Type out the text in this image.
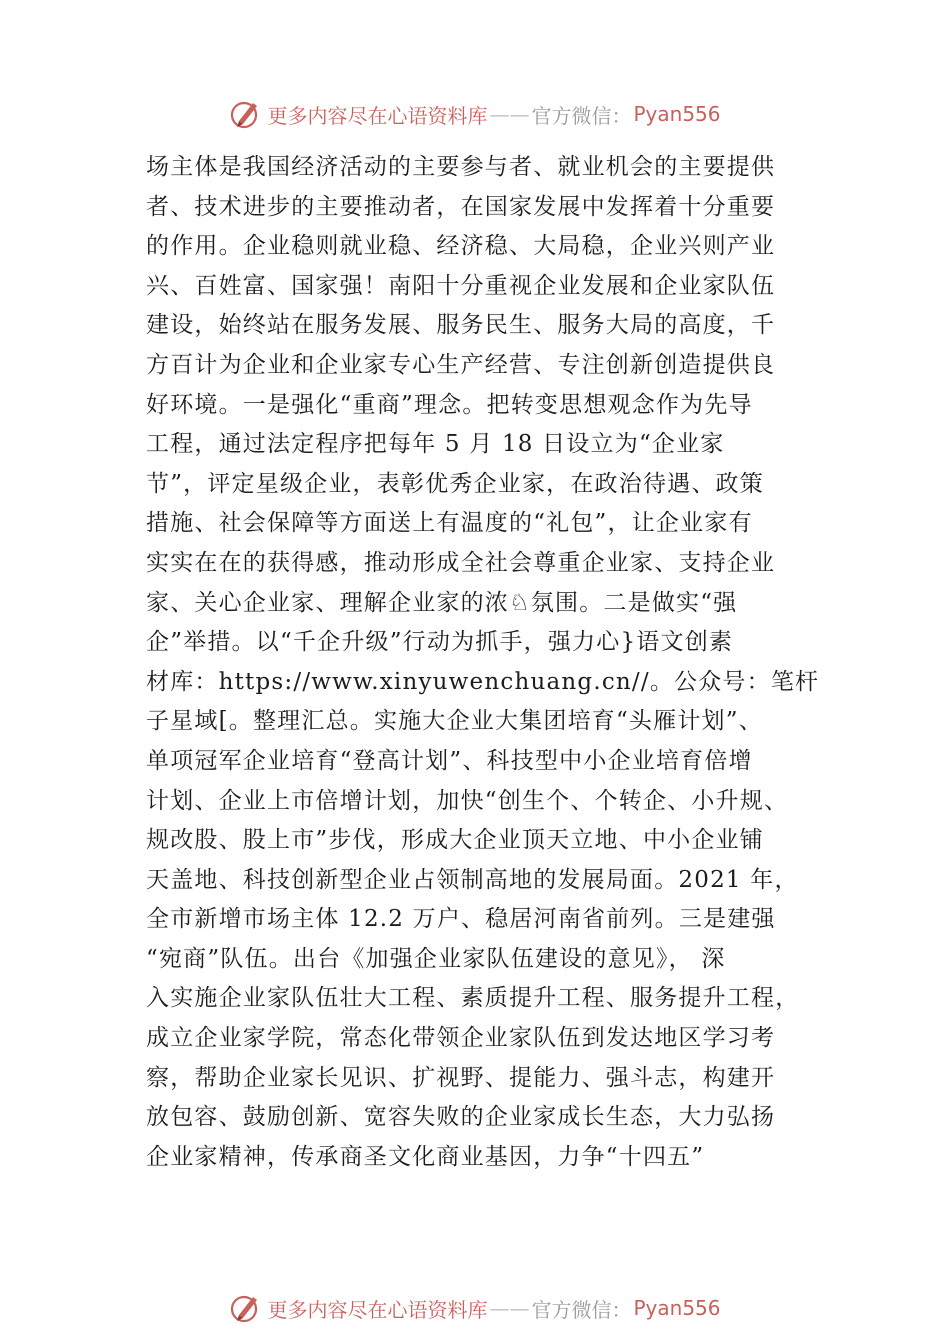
更多内容尽在心语资料库 —— 官方微信： Pyan556
场主体是我国经济活动的主要参与者、就业机会的主要提供
者、技术进步的主要推动者，在国家发展中发挥着十分重要
的作用。企业稳则就业稳、经济稳、大局稳，企业兴则产业
兴、百姓富、国家强！南阳十分重视企业发展和企业家队伍
建设，始终站在服务发展、服务民生、服务大局的高度，千
方百计为企业和企业家专心生产经营、专注创新创造提供良
好环境。一是强化“重商”理念。把转变思想观念作为先导
工程，通过法定程序把每年 5 月 18 日设立为“企业家
节”，评定星级企业，表彰优秀企业家，在政治待遇、政策
措施、社会保障等方面送上有温度的“礼包”，让企业家有
实实在在的获得感，推动形成全社会尊重企业家、支持企业
家、关心企业家、理解企业家的浓♘氛围。二是做实“强
企”举措。以“千企升级”行动为抓手，强力心}语文创素
材库：https://www.xinyuwenchuang.cn//。公众号：笔杆
子星域[。整理汇总。实施大企业大集团培育“头雁计划”、
单项冠军企业培育“登高计划”、科技型中小企业培育倍增
计划、企业上市倍增计划，加快“创生个、个转企、小升规、
规改股、股上市”步伐，形成大企业顶天立地、中小企业铺
天盖地、科技创新型企业占领制高地的发展局面。2021 年，
全市新增市场主体 12.2 万户、稳居河南省前列。三是建强
“宛商”队伍。出台《加强企业家队伍建设的意见》， 深
入实施企业家队伍壮大工程、素质提升工程、服务提升工程，
成立企业家学院，常态化带领企业家队伍到发达地区学习考
察，帮助企业家长见识、扩视野、提能力、强斗志，构建开
放包容、鼓励创新、宽容失败的企业家成长生态，大力弘扬
企业家精神，传承商圣文化商业基因，力争“十四五”
更多内容尽在心语资料库 —— 官方微信： Pyan556
